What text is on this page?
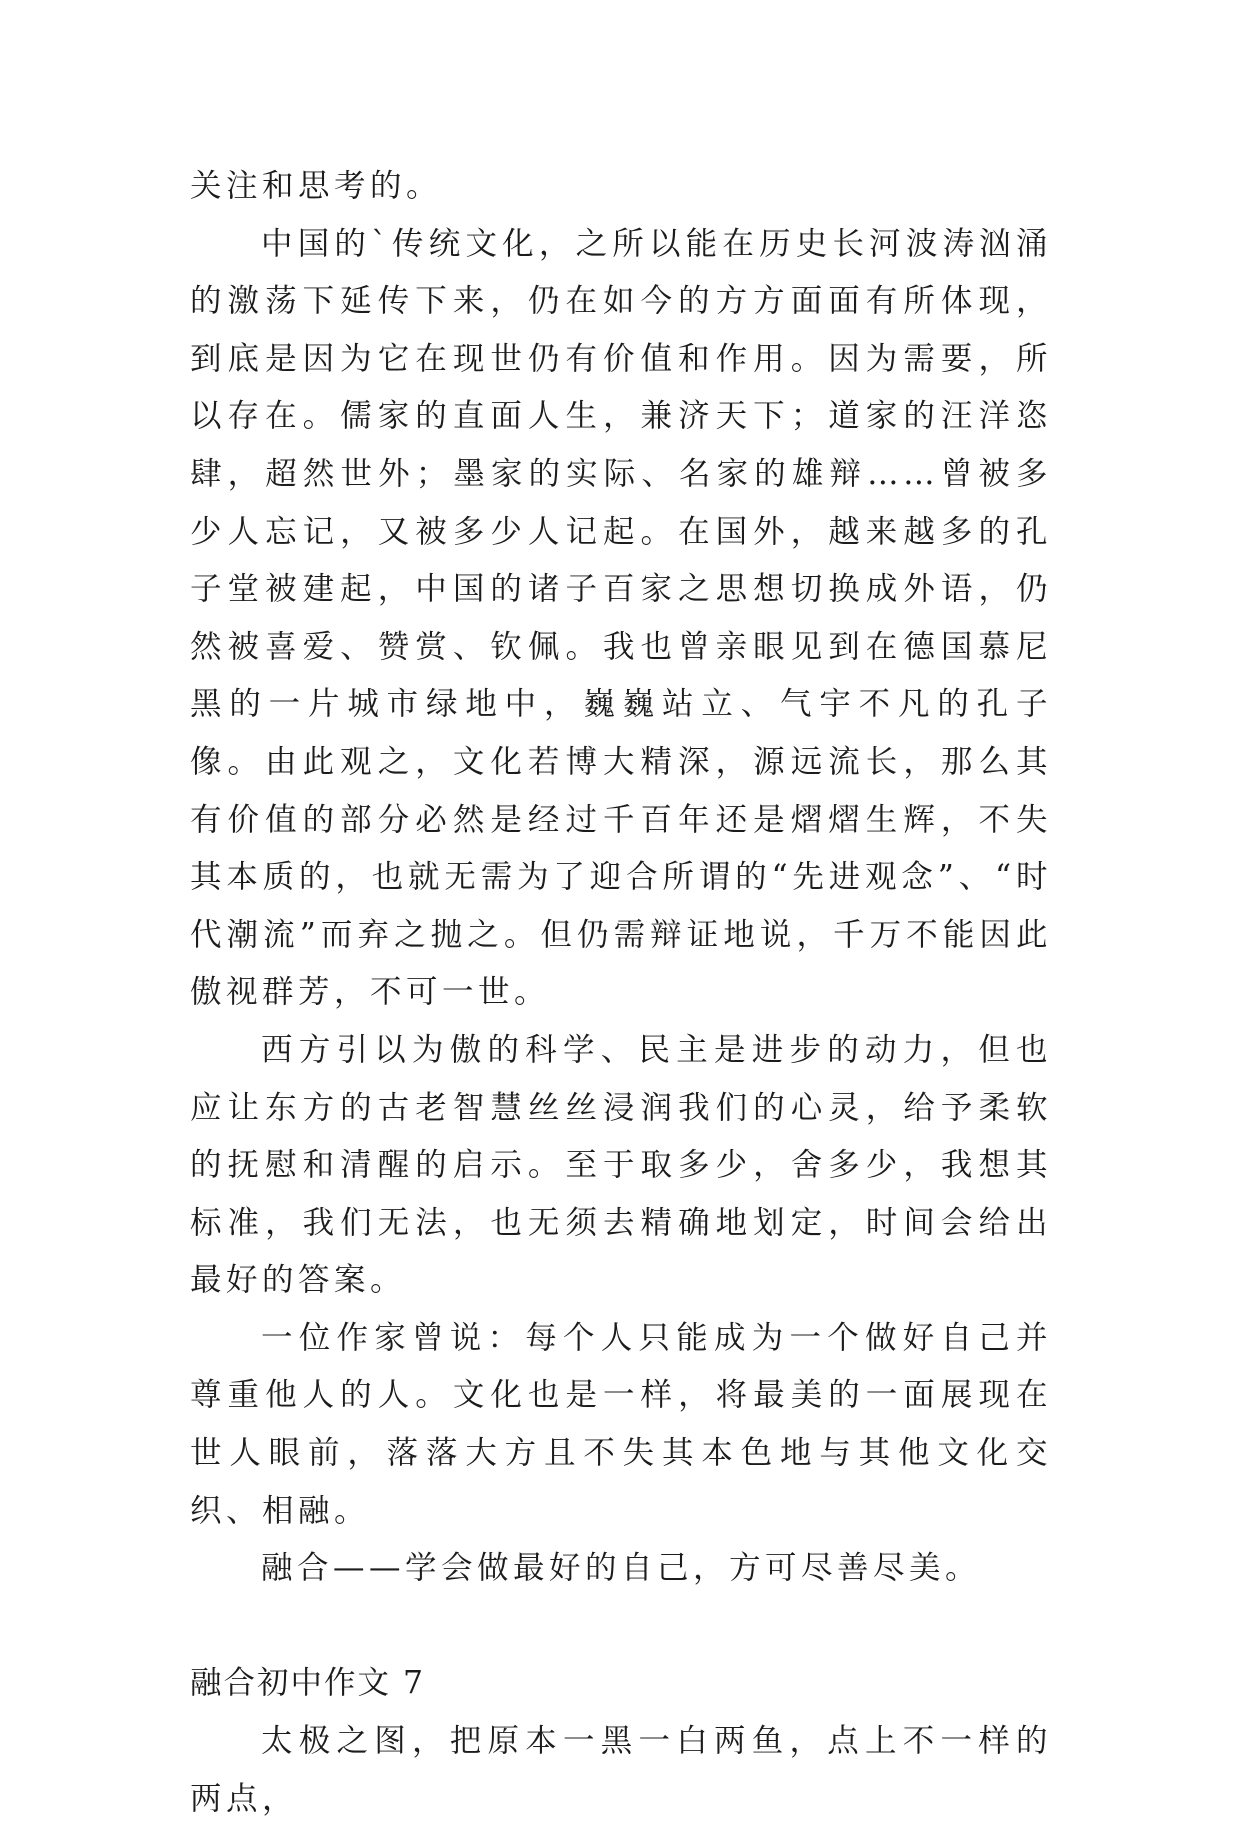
关注和思考的。

中国的`传统文化，之所以能在历史长河波涛汹涌的激荡下延传下来，仍在如今的方方面面有所体现，到底是因为它在现世仍有价值和作用。因为需要，所以存在。儒家的直面人生，兼济天下；道家的汪洋恣肆，超然世外；墨家的实际、名家的雄辩……曾被多少人忘记，又被多少人记起。在国外，越来越多的孔子堂被建起，中国的诸子百家之思想切换成外语，仍然被喜爱、赞赏、钦佩。我也曾亲眼见到在德国慕尼黑的一片城市绿地中，巍巍站立、气宇不凡的孔子像。由此观之，文化若博大精深，源远流长，那么其有价值的部分必然是经过千百年还是熠熠生辉，不失其本质的，也就无需为了迎合所谓的“先进观念”、“时代潮流”而弃之抛之。但仍需辩证地说，千万不能因此傲视群芳，不可一世。

西方引以为傲的科学、民主是进步的动力，但也应让东方的古老智慧丝丝浸润我们的心灵，给予柔软的抚慰和清醒的启示。至于取多少，舍多少，我想其标准，我们无法，也无须去精确地划定，时间会给出最好的答案。

一位作家曾说：每个人只能成为一个做好自己并尊重他人的人。文化也是一样，将最美的一面展现在世人眼前，落落大方且不失其本色地与其他文化交织、相融。

融合——学会做最好的自己，方可尽善尽美。

融合初中作文 7

太极之图，把原本一黑一白两鱼，点上不一样的两点，
